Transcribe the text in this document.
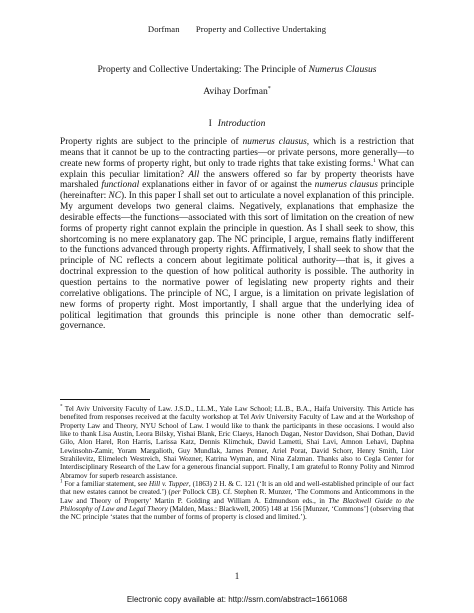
Dorfman Property and Collective Undertaking
Property and Collective Undertaking: The Principle of Numerus Clausus
Avihay Dorfman*
I Introduction

Property rights are subject to the principle of numerus clausus, which is a restriction that means that it cannot be up to the contracting parties—or private persons, more generally—to create new forms of property right, but only to trade rights that take existing forms.$^1$ What can explain this peculiar limitation? All the answers offered so far by property theorists have marshaled functional explanations either in favor of or against the numerus clausus principle (hereinafter: NC). In this paper I shall set out to articulate a novel explanation of this principle. My argument develops two general claims. Negatively, explanations that emphasize the desirable effects—the functions—associated with this sort of limitation on the creation of new forms of property right cannot explain the principle in question. As I shall seek to show, this shortcoming is no mere explanatory gap. The NC principle, I argue, remains flatly indifferent to the functions advanced through property rights. Affirmatively, I shall seek to show that the principle of NC reflects a concern about legitimate political authority—that is, it gives a doctrinal expression to the question of how political authority is possible. The authority in question pertains to the normative power of legislating new property rights and their correlative obligations. The principle of NC, I argue, is a limitation on private legislation of new forms of property right. Most importantly, I shall argue that the underlying idea of political legitimation that grounds this principle is none other than democratic self-governance.

* Tel Aviv University Faculty of Law. J.S.D., LL.M., Yale Law School; LL.B., B.A., Haifa University. This Article has benefited from responses received at the faculty workshop at Tel Aviv University Faculty of Law and at the Workshop of Property Law and Theory, NYU School of Law. I would like to thank the participants in these occasions. I would also like to thank Lisa Austin, Leora Bilsky, Yishai Blank, Eric Claeys, Hanoch Dagan, Nestor Davidson, Shai Dothan, David Gilo, Alon Harel, Ron Harris, Larissa Katz, Dennis Klimchuk, David Lametti, Shai Lavi, Amnon Lehavi, Daphna Lewinsohn-Zamir, Yoram Margalioth, Guy Mundlak, James Penner, Ariel Porat, David Schorr, Henry Smith, Lior Strahilevitz, Elimelech Westreich, Shai Wozner, Katrina Wyman, and Nina Zalzman. Thanks also to Cegla Center for Interdisciplinary Research of the Law for a generous financial support. Finally, I am grateful to Ronny Polity and Nimrod Abramov for superb research assistance.

$^1$ For a familiar statement, see Hill v. Tupper, (1863) 2 H. & C. 121 (‘It is an old and well-established principle of our fact that new estates cannot be created.’) (per Pollock CB). Cf. Stephen R. Munzer, ‘The Commons and Anticommons in the Law and Theory of Property’ Martin P. Golding and William A. Edmundson eds., in The Blackwell Guide to the Philosophy of Law and Legal Theory (Malden, Mass.: Blackwell, 2005) 148 at 156 [Munzer, ‘Commons’] (observing that the NC principle ‘states that the number of forms of property is closed and limited.’).

1
Electronic copy available at: http://ssrn.com/abstract=1661068
